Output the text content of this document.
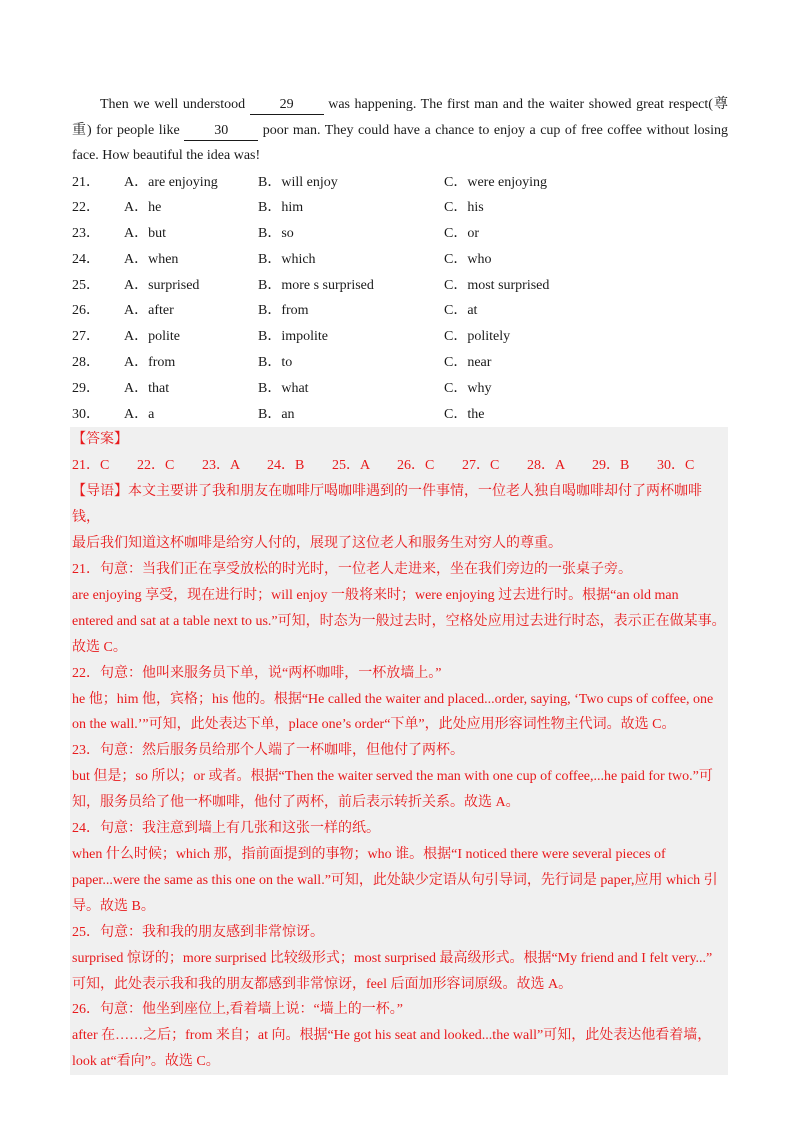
Then we well understood 29 was happening. The first man and the waiter showed great respect(尊重) for people like 30 poor man. They could have a chance to enjoy a cup of free coffee without losing face. How beautiful the idea was!
21．	A．are enjoying	B．will enjoy	C．were enjoying
22．	A．he	B．him	C．his
23．	A．but	B．so	C．or
24．	A．when	B．which	C．who
25．	A．surprised	B．more s surprised	C．most surprised
26．	A．after	B．from	C．at
27．	A．polite	B．impolite	C．politely
28．	A．from	B．to	C．near
29．	A．that	B．what	C．why
30．	A．a	B．an	C．the
【答案】
21．C	22．C	23．A	24．B	25．A	26．C	27．C	28．A	29．B	30．C
【导语】本文主要讲了我和朋友在咖啡厅喝咖啡遇到的一件事情，一位老人独自喝咖啡却付了两杯咖啡钱，
最后我们知道这杯咖啡是给穷人付的，展现了这位老人和服务生对穷人的尊重。
21．句意：当我们正在享受放松的时光时，一位老人走进来，坐在我们旁边的一张桌子旁。
are enjoying 享受，现在进行时；will enjoy 一般将来时；were enjoying 过去进行时。根据“an old man
entered and sat at a table next to us.”可知，时态为一般过去时，空格处应用过去进行时态，表示正在做某事。
故选 C。
22．句意：他叫来服务员下单，说“两杯咖啡，一杯放墙上。”
he 他；him 他，宾格；his 他的。根据“He called the waiter and placed...order, saying, ‘Two cups of coffee, one
on the wall.’”可知，此处表达下单，place one’s order“下单”，此处应用形容词性物主代词。故选 C。
23．句意：然后服务员给那个人端了一杯咖啡，但他付了两杯。
but 但是；so 所以；or 或者。根据“Then the waiter served the man with one cup of coffee,...he paid for two.”可
知，服务员给了他一杯咖啡，他付了两杯，前后表示转折关系。故选 A。
24．句意：我注意到墙上有几张和这张一样的纸。
when 什么时候；which 那，指前面提到的事物；who 谁。根据“I noticed there were several pieces of
paper...were the same as this one on the wall.”可知，此处缺少定语从句引导词，先行词是 paper,应用 which 引
导。故选 B。
25．句意：我和我的朋友感到非常惊讶。
surprised 惊讶的；more surprised 比较级形式；most surprised 最高级形式。根据“My friend and I felt very...”
可知，此处表示我和我的朋友都感到非常惊讶，feel 后面加形容词原级。故选 A。
26．句意：他坐到座位上,看着墙上说：“墙上的一杯。”
after 在……之后；from 来自；at 向。根据“He got his seat and looked...the wall”可知，此处表达他看着墙，
look at“看向”。故选 C。
